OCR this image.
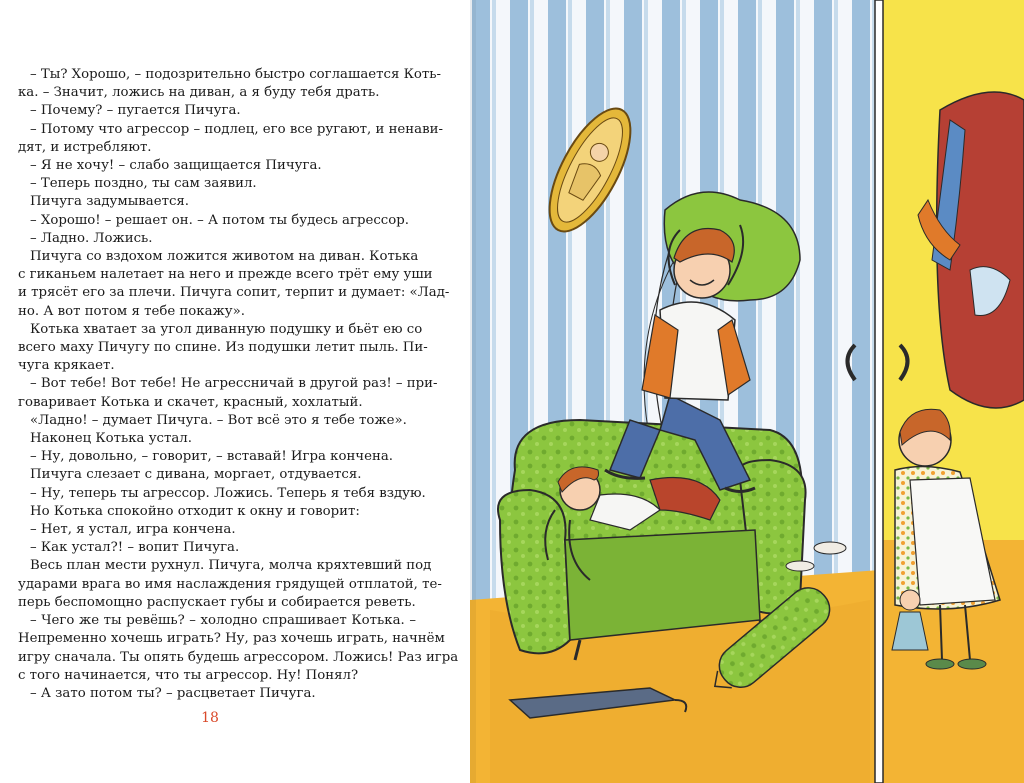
– Ты? Хорошо, – подозрительно быстро соглашается Коть-
ка. – Значит, ложись на диван, а я буду тебя драть.

– Почему? – пугается Пичуга.

– Потому что агрессор – подлец, его все ругают, и ненави-
дят, и истребляют.

– Я не хочу! – слабо защищается Пичуга.

– Теперь поздно, ты сам заявил.

Пичуга задумывается.

– Хорошо! – решает он. – А потом ты будесь агрессор.

– Ладно. Ложись.

Пичуга со вздохом ложится животом на диван. Котька
с гиканьем налетает на него и прежде всего трёт ему уши
и трясёт его за плечи. Пичуга сопит, терпит и думает: «Лад-
но. А вот потом я тебе покажу».

Котька хватает за угол диванную подушку и бьёт ею со
всего маху Пичугу по спине. Из подушки летит пыль. Пи-
чуга крякает.

– Вот тебе! Вот тебе! Не агрессничай в другой раз! – при-
говаривает Котька и скачет, красный, хохлатый.

«Ладно! – думает Пичуга. – Вот всё это я тебе тоже».

Наконец Котька устал.

– Ну, довольно, – говорит, – вставай! Игра кончена.

Пичуга слезает с дивана, моргает, отдувается.

– Ну, теперь ты агрессор. Ложись. Теперь я тебя вздую.

Но Котька спокойно отходит к окну и говорит:

– Нет, я устал, игра кончена.

– Как устал?! – вопит Пичуга.

Весь план мести рухнул. Пичуга, молча кряхтевший под
ударами врага во имя наслаждения грядущей отплатой, те-
перь беспомощно распускает губы и собирается реветь.

– Чего же ты ревёшь? – холодно спрашивает Котька. –
Непременно хочешь играть? Ну, раз хочешь играть, начнём
игру сначала. Ты опять будешь агрессором. Ложись! Раз игра
с того начинается, что ты агрессор. Ну! Понял?

– А зато потом ты? – расцветает Пичуга.

18
